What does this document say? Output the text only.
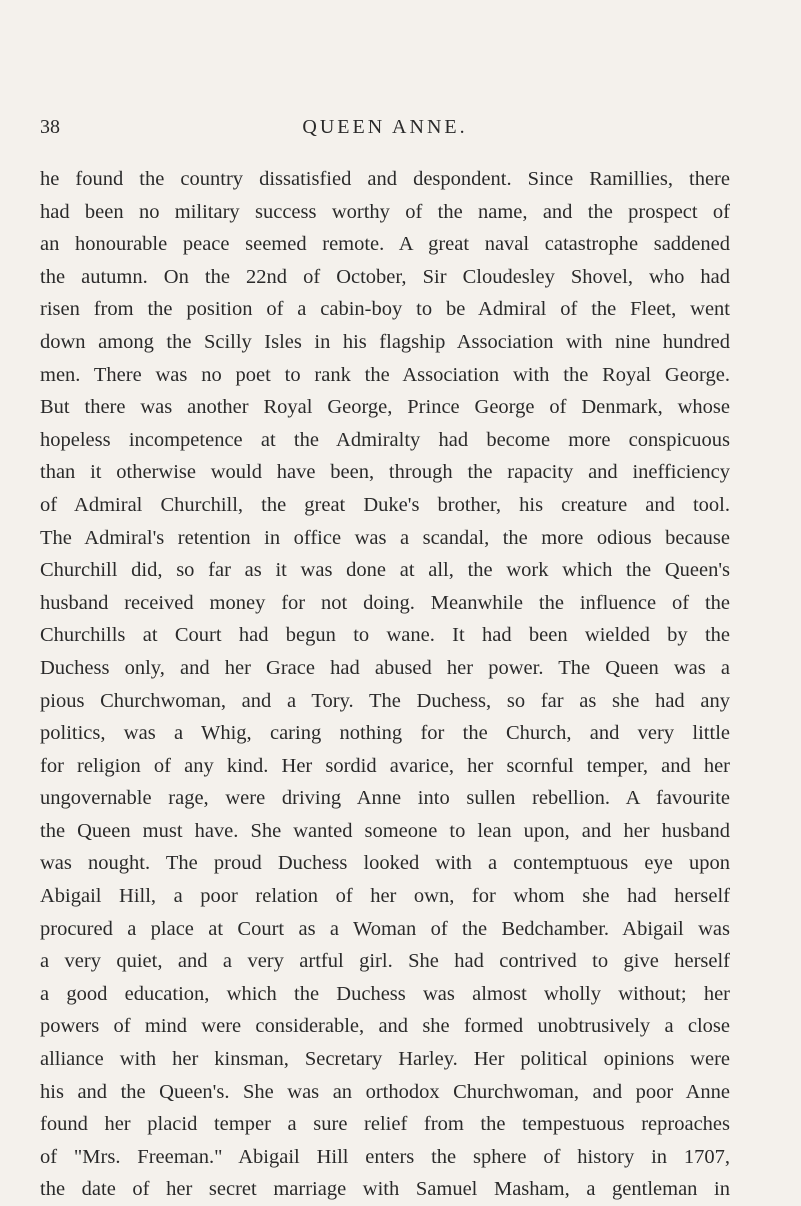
38	QUEEN ANNE.
he found the country dissatisfied and despondent. Since Ramillies, there
had been no military success worthy of the name, and the prospect of
an honourable peace seemed remote. A great naval catastrophe saddened
the autumn. On the 22nd of October, Sir Cloudesley Shovel, who had
risen from the position of a cabin-boy to be Admiral of the Fleet, went
down among the Scilly Isles in his flagship Association with nine hundred
men. There was no poet to rank the Association with the Royal George.
But there was another Royal George, Prince George of Denmark, whose
hopeless incompetence at the Admiralty had become more conspicuous
than it otherwise would have been, through the rapacity and inefficiency
of Admiral Churchill, the great Duke's brother, his creature and tool.
The Admiral's retention in office was a scandal, the more odious because
Churchill did, so far as it was done at all, the work which the Queen's
husband received money for not doing. Meanwhile the influence of the
Churchills at Court had begun to wane. It had been wielded by the
Duchess only, and her Grace had abused her power. The Queen was a
pious Churchwoman, and a Tory. The Duchess, so far as she had any
politics, was a Whig, caring nothing for the Church, and very little
for religion of any kind. Her sordid avarice, her scornful temper, and her
ungovernable rage, were driving Anne into sullen rebellion. A favourite
the Queen must have. She wanted someone to lean upon, and her husband
was nought. The proud Duchess looked with a contemptuous eye upon
Abigail Hill, a poor relation of her own, for whom she had herself
procured a place at Court as a Woman of the Bedchamber. Abigail was
a very quiet, and a very artful girl. She had contrived to give herself
a good education, which the Duchess was almost wholly without; her
powers of mind were considerable, and she formed unobtrusively a close
alliance with her kinsman, Secretary Harley. Her political opinions were
his and the Queen's. She was an orthodox Churchwoman, and poor Anne
found her placid temper a sure relief from the tempestuous reproaches
of "Mrs. Freeman." Abigail Hill enters the sphere of history in 1707,
the date of her secret marriage with Samuel Masham, a gentleman in
